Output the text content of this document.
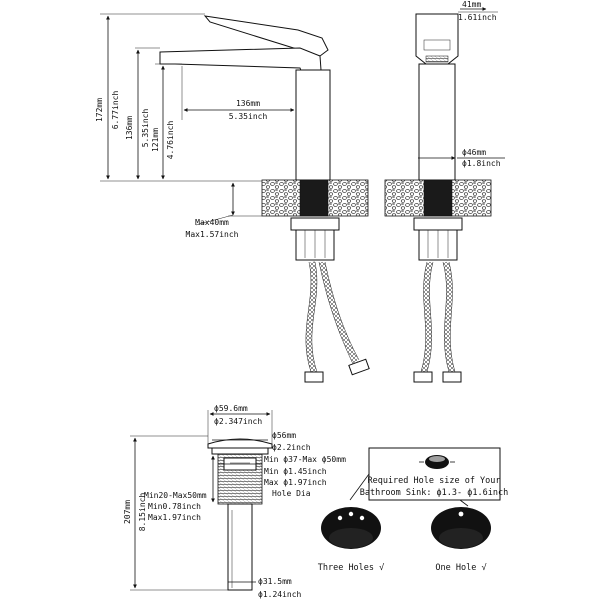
172mm 6.77inch 136mm 5.35inch 121mm 4.76inch
136mm
5.35inch
Max40mm
Max1.57inch
41mm
1.61inch
ϕ46mm
ϕ1.8inch
ϕ59.6mm
ϕ2.347inch
ϕ56mm
ϕ2.2inch
Min ϕ37-Max ϕ50mm
Min ϕ1.45inch
Max ϕ1.97inch
Hole Dia
Min20-Max50mm
Min0.78inch
Max1.97inch
207mm 8.15inch
ϕ31.5mm
ϕ1.24inch
Required Hole size of Your
Bathroom Sink: ϕ1.3- ϕ1.6inch
Three Holes √	One Hole √
